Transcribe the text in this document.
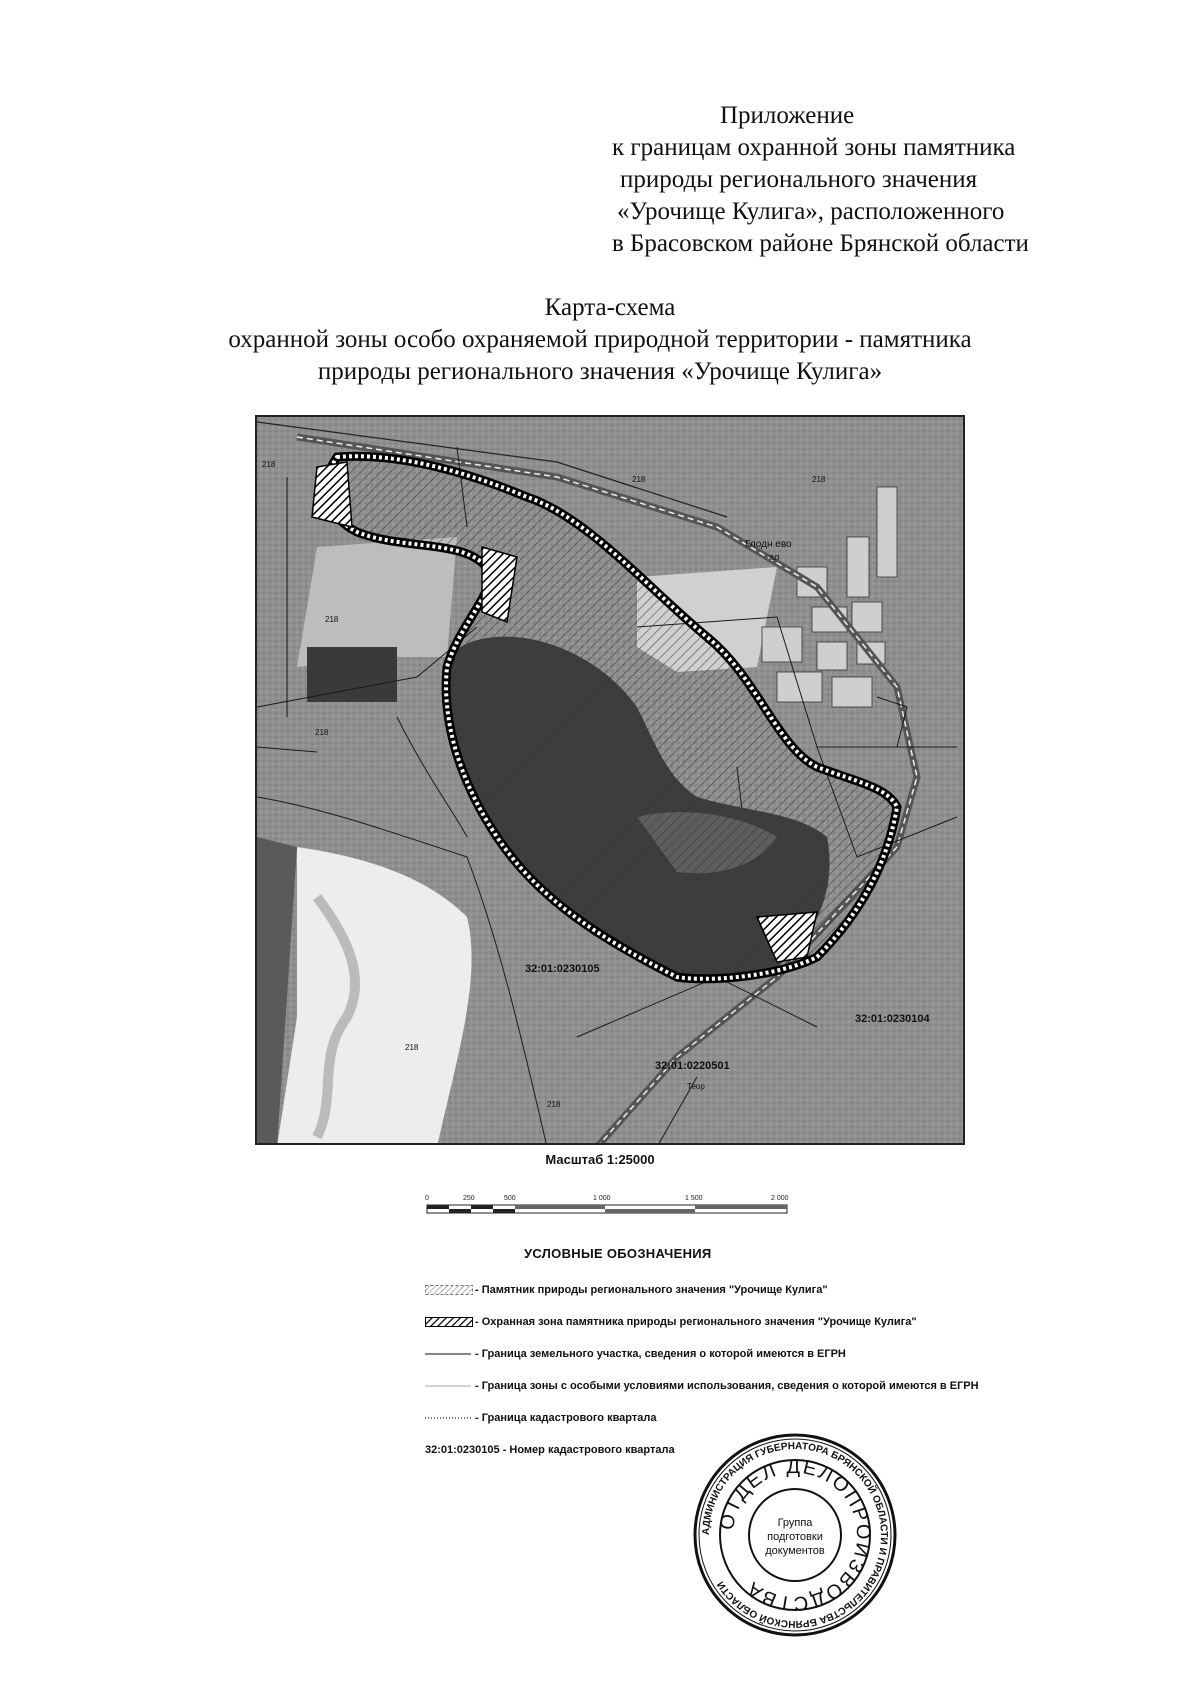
Приложение
к границам охранной зоны памятника
природы регионального значения
«Урочище Кулига», расположенного
в Брасовском районе Брянской области
Карта-схема
охранной зоны особо охраняемой природной территории - памятника
природы регионального значения «Урочище Кулига»
32:01:0230105
32:01:0230104
32:01:0220501
Глодн ево
ал
218
218
218
218
218	218
218
Теор
Масштаб 1:25000
0	250	500	1 000	1 500	2 000
УСЛОВНЫЕ ОБОЗНАЧЕНИЯ
- Памятник природы регионального значения "Урочище Кулига"
- Охранная зона памятника природы регионального значения "Урочище Кулига"
- Граница земельного участка, сведения о которой имеются в ЕГРН
- Граница зоны с особыми условиями использования, сведения о которой имеются в ЕГРН
- Граница кадастрового квартала
32:01:0230105 - Номер кадастрового квартала
АДМИНИСТРАЦИЯ ГУБЕРНАТОРА БРЯНСКОЙ ОБЛАСТИ И ПРАВИТЕЛЬСТВА БРЯНСКОЙ ОБЛАСТИ
ОТДЕЛ ДЕЛОПРОИЗВОДСТВА
Группа
подготовки
документов
